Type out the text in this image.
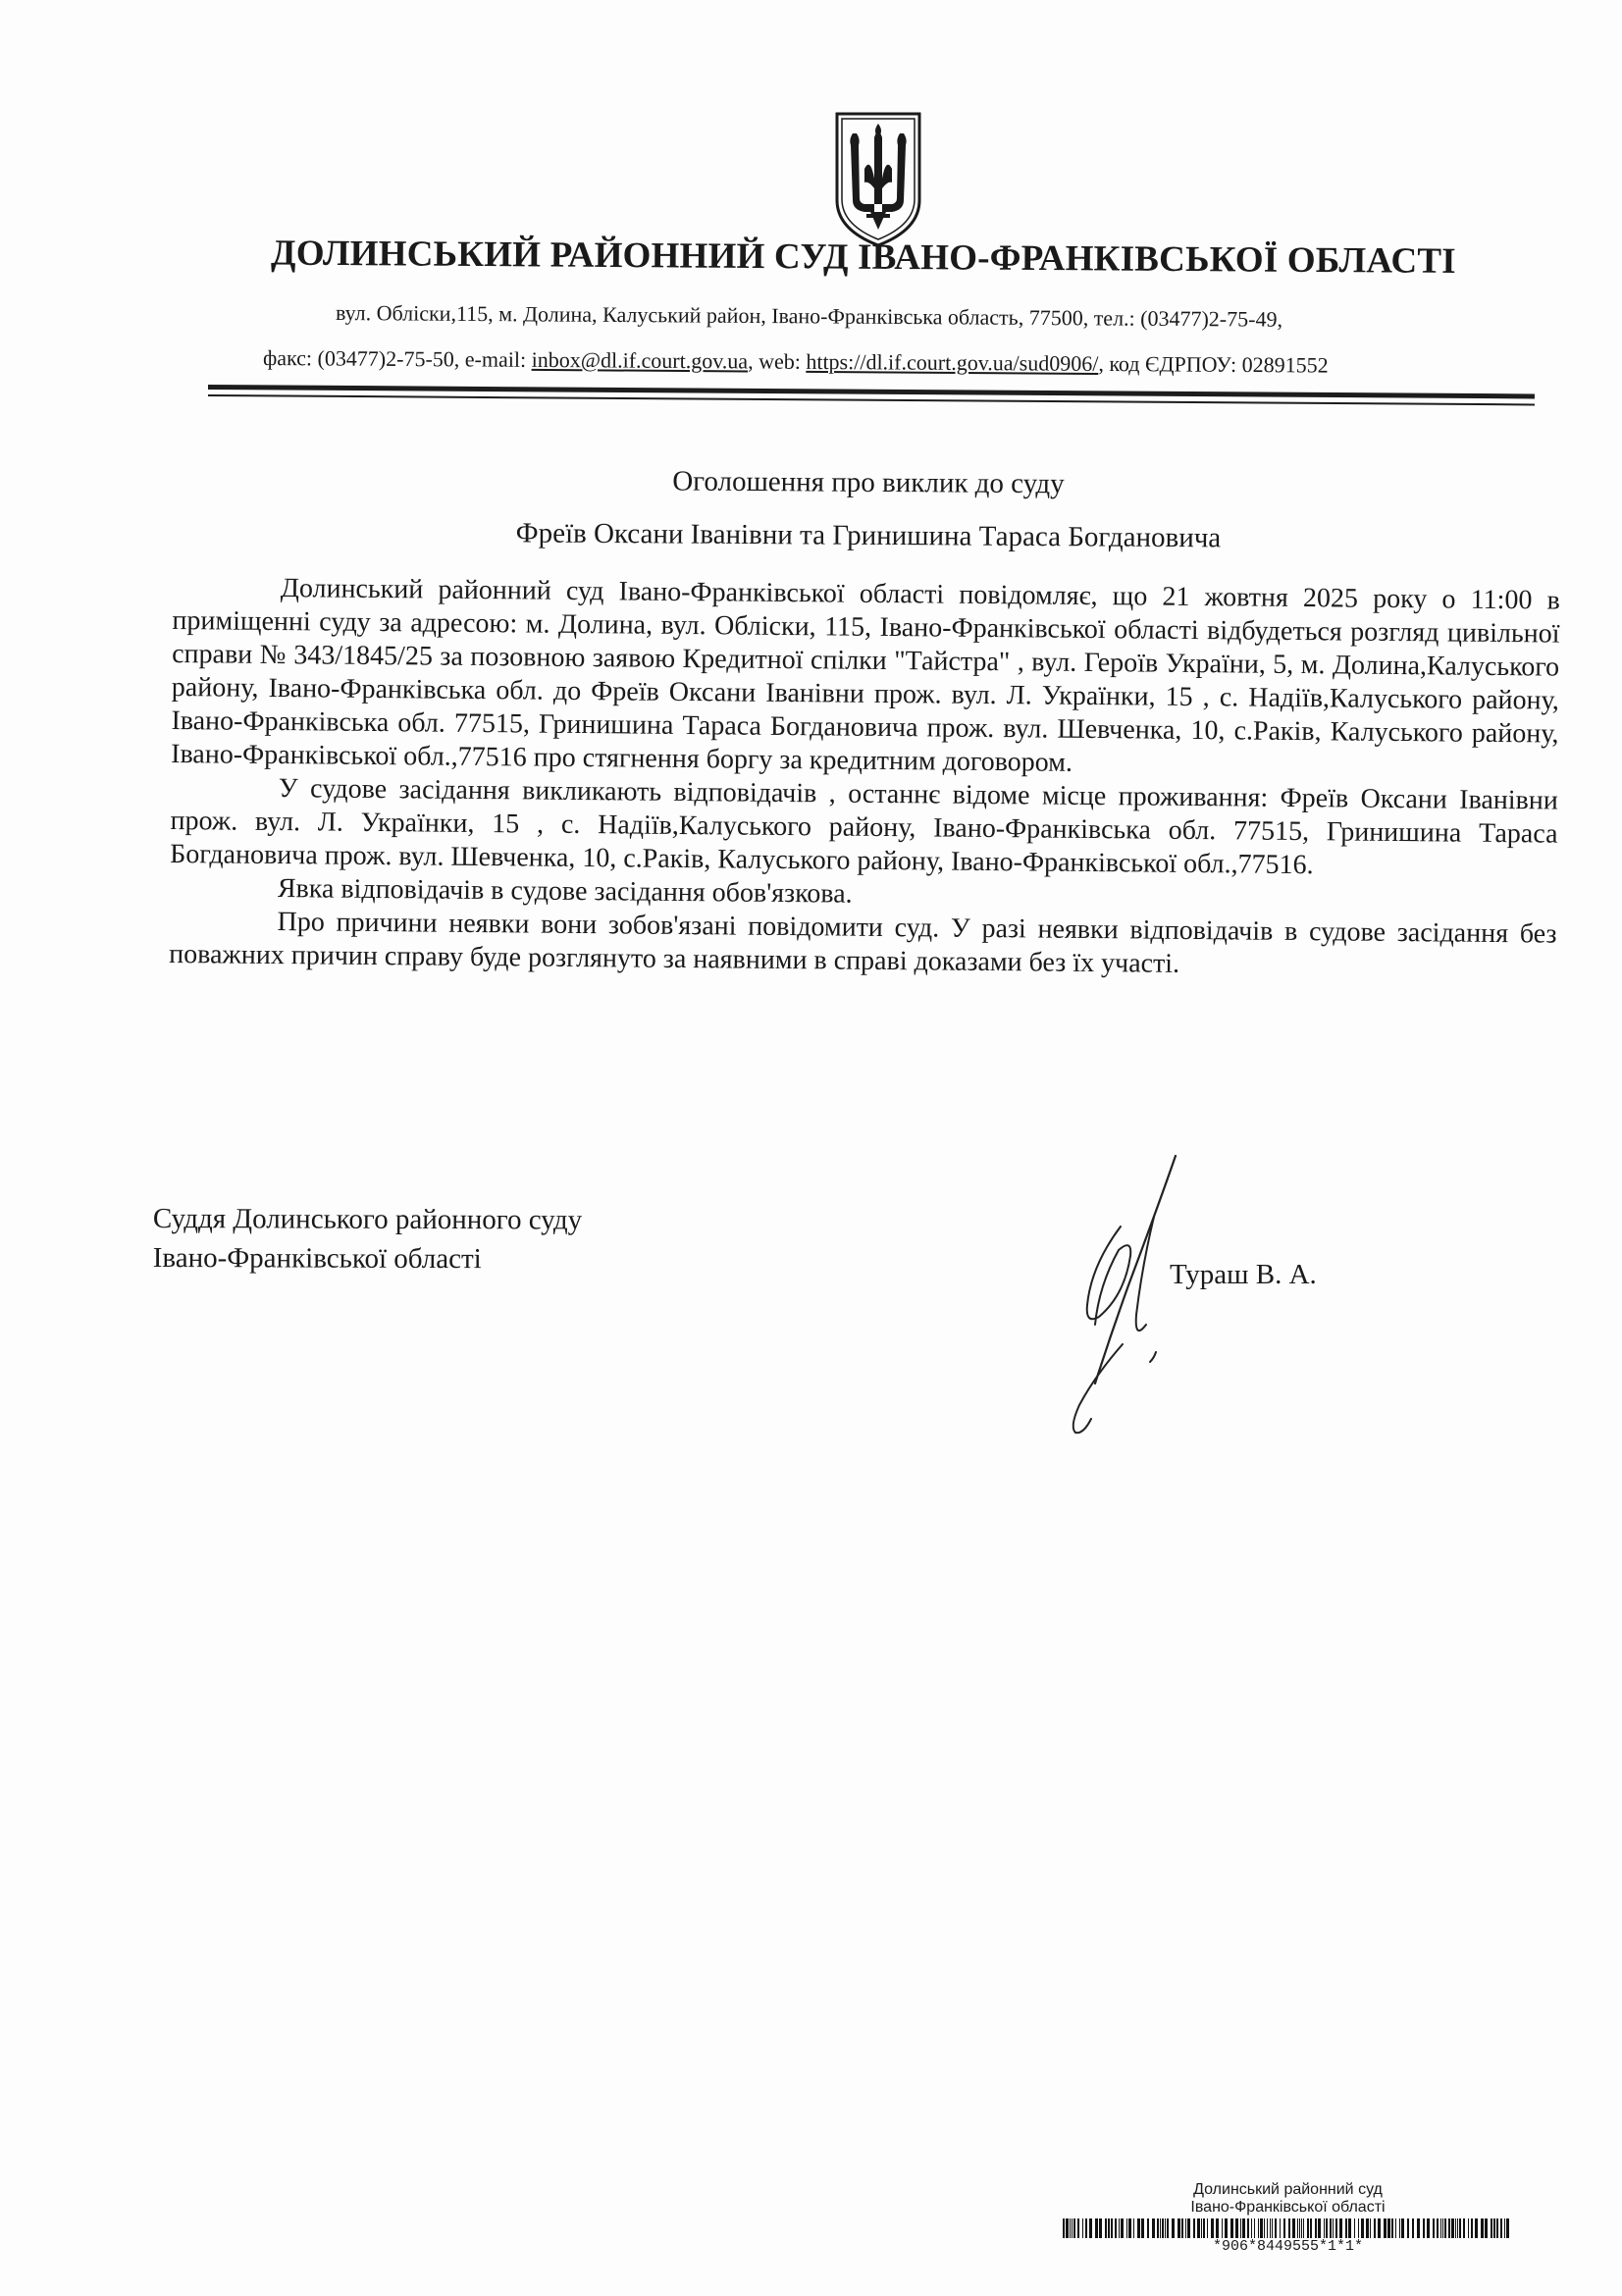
ДОЛИНСЬКИЙ РАЙОННИЙ СУД ІВАНО-ФРАНКІВСЬКОЇ ОБЛАСТІ
вул. Обліски,115, м. Долина, Калуський район, Івано-Франківська область, 77500, тел.: (03477)2-75-49,
факс: (03477)2-75-50, e-mail: inbox@dl.if.court.gov.ua, web: https://dl.if.court.gov.ua/sud0906/, код ЄДРПОУ: 02891552
Оголошення про виклик до суду
Фреїв Оксани Іванівни та Гринишина Тараса Богдановича

Долинський районний суд Івано-Франківської області повідомляє, що 21 жовтня 2025 року о 11:00 в приміщенні суду за адресою: м. Долина, вул. Обліски, 115, Івано-Франківської області відбудеться розгляд цивільної справи № 343/1845/25 за позовною заявою Кредитної спілки "Тайстра" , вул. Героїв України, 5, м. Долина,Калуського району, Івано-Франківська обл. до Фреїв Оксани Іванівни прож. вул. Л. Українки, 15 , с. Надіїв,Калуського району, Івано-Франківська обл. 77515, Гринишина Тараса Богдановича прож. вул. Шевченка, 10, с.Раків, Калуського району, Івано-Франківської обл.,77516 про стягнення боргу за кредитним договором.

У судове засідання викликають відповідачів , останнє відоме місце проживання: Фреїв Оксани Іванівни прож. вул. Л. Українки, 15 , с. Надіїв,Калуського району, Івано-Франківська обл. 77515, Гринишина Тараса Богдановича прож. вул. Шевченка, 10, с.Раків, Калуського району, Івано-Франківської обл.,77516.

Явка відповідачів в судове засідання обов'язкова.

Про причини неявки вони зобов'язані повідомити суд. У разі неявки відповідачів в судове засідання без поважних причин справу буде розглянуто за наявними в справі доказами без їх участі.

Суддя Долинського районного суду
Івано-Франківської області	Тураш В. А.
Долинський районний суд
Івано-Франківської області
*906*8449555*1*1*
